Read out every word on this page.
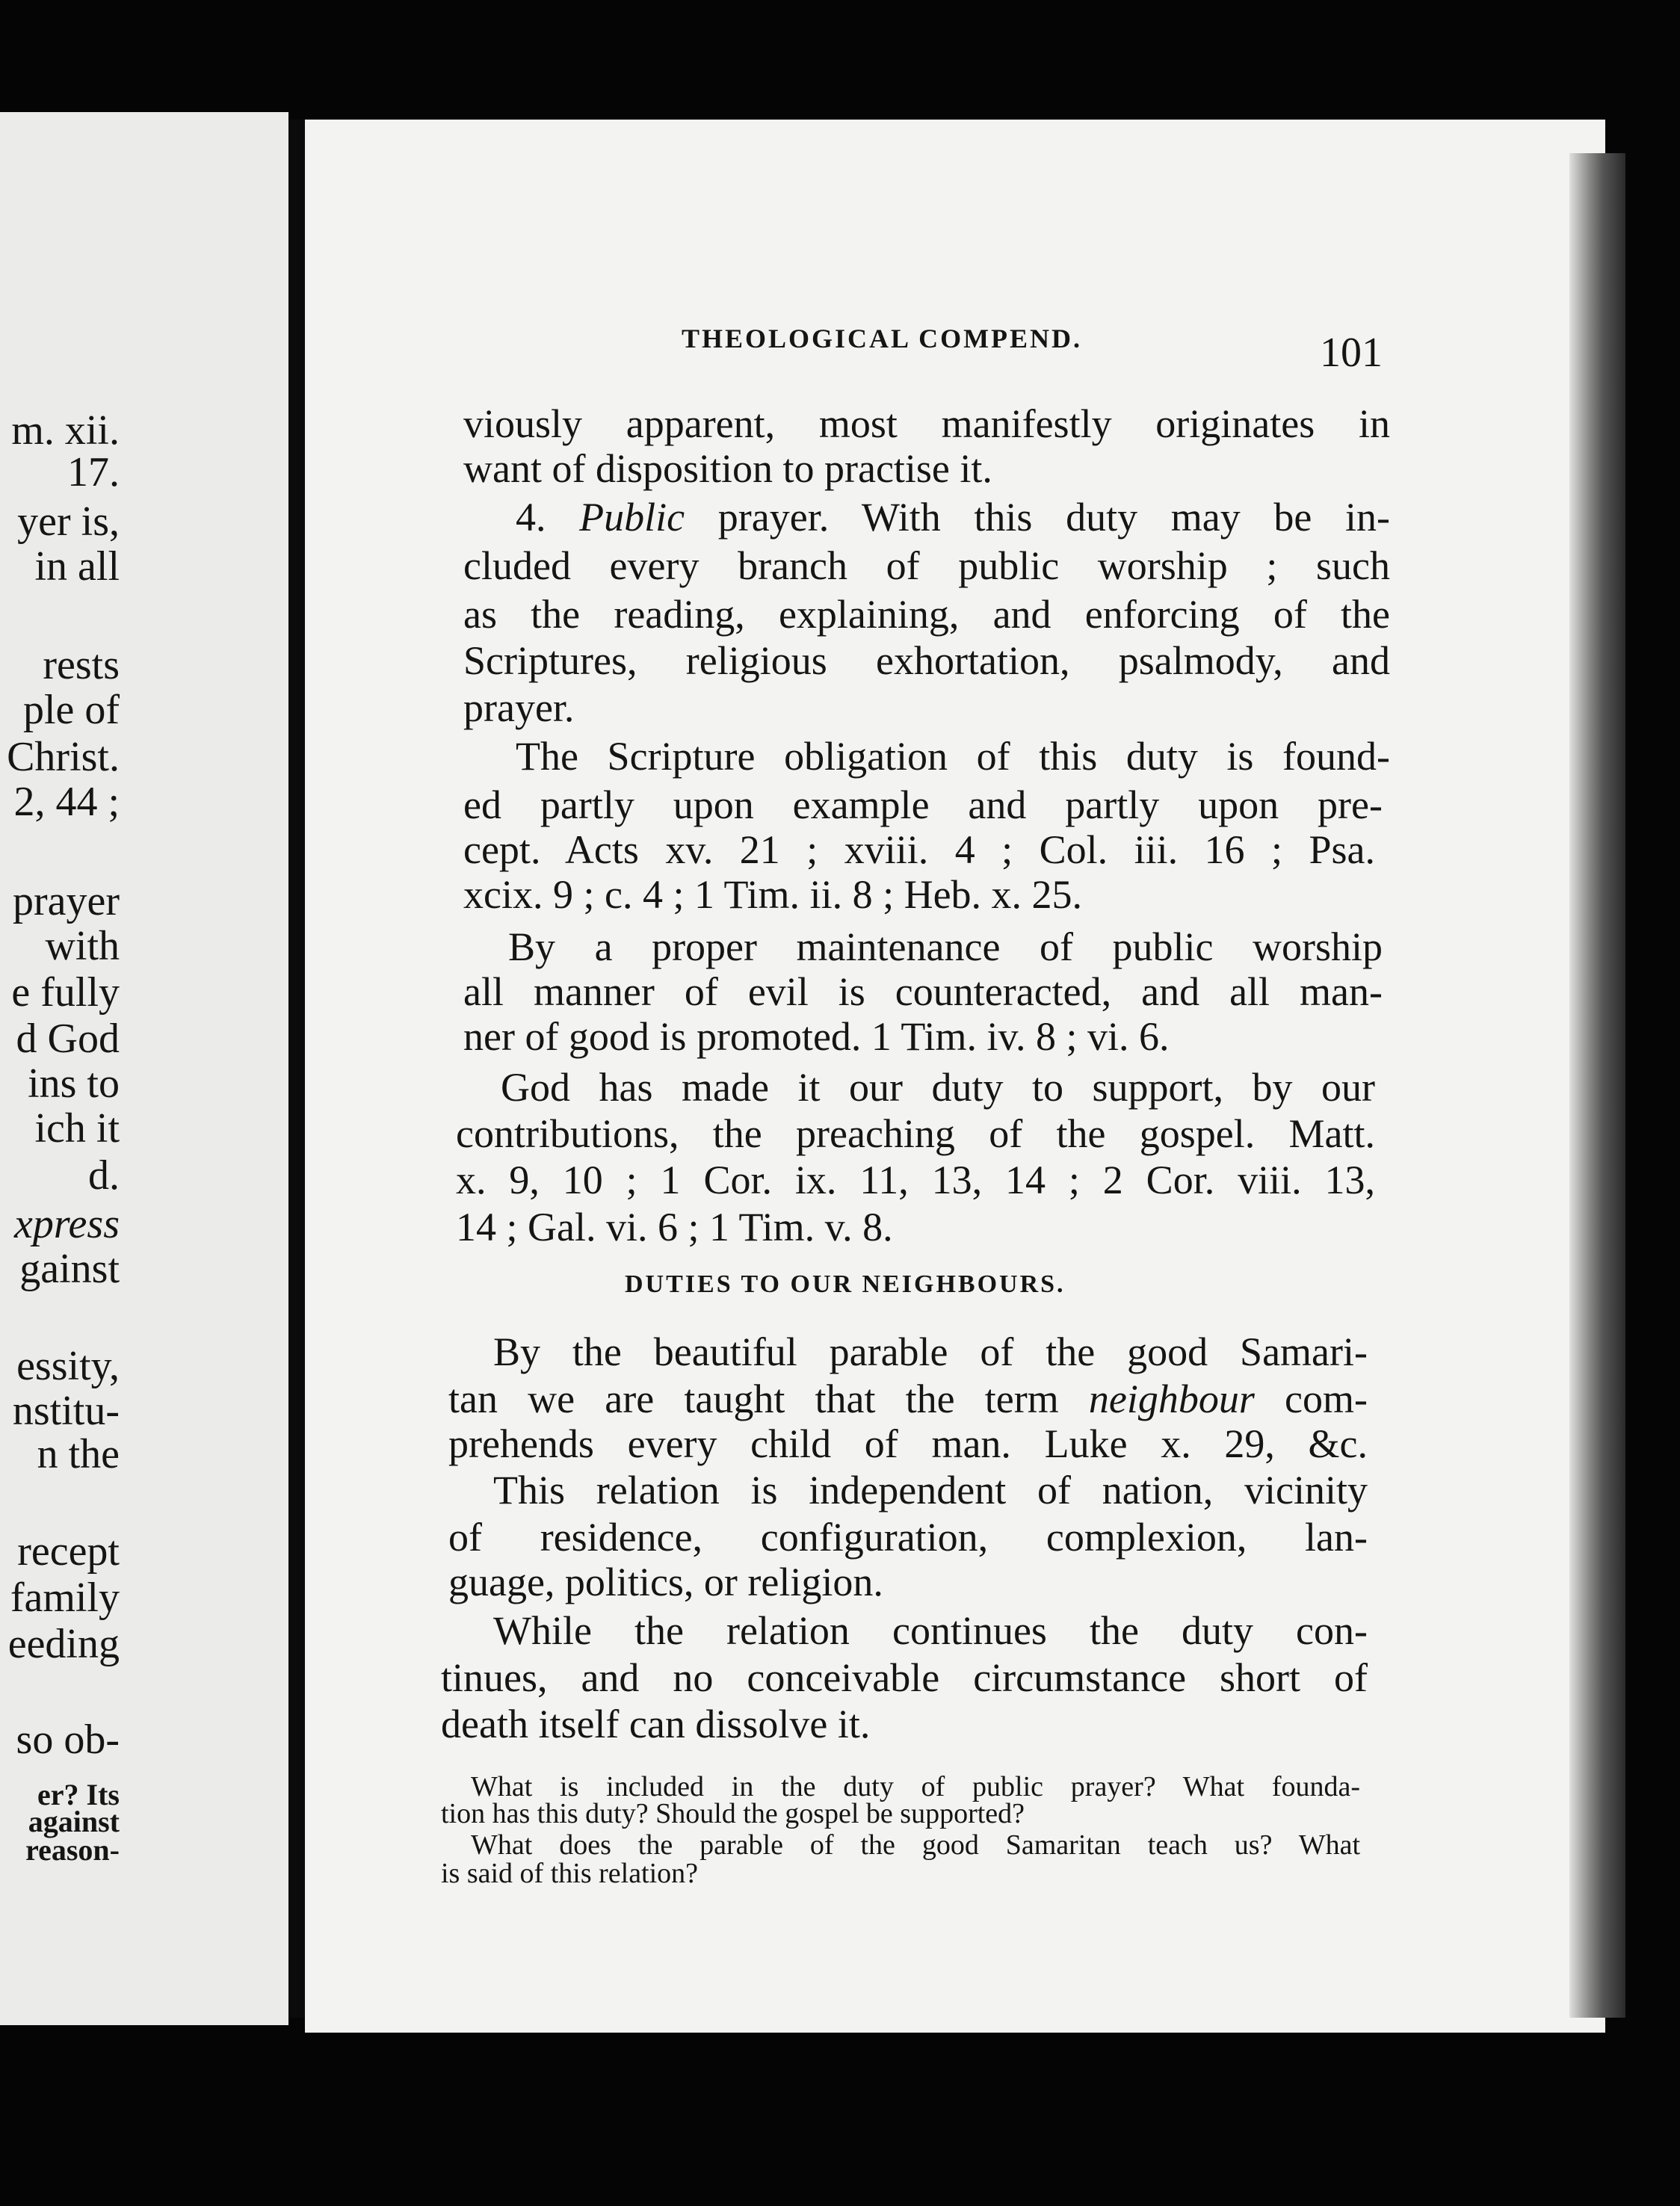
m. xii.
17.
yer is,
in all
rests
ple of
Christ.
2, 44 ;
prayer
with
e fully
d God
ins to
ich it
d.
xpress
gainst
essity,
nstitu-
n the
recept
family
eeding
so ob-
er? Its
against
reason-
THEOLOGICAL COMPEND.	101
viously apparent, most manifestly originates in
want of disposition to practise it.
4. Public prayer. With this duty may be in-
cluded every branch of public worship ; such
as the reading, explaining, and enforcing of the
Scriptures, religious exhortation, psalmody, and
prayer.
The Scripture obligation of this duty is found-
ed partly upon example and partly upon pre-
cept. Acts xv. 21 ; xviii. 4 ; Col. iii. 16 ; Psa.
xcix. 9 ; c. 4 ; 1 Tim. ii. 8 ; Heb. x. 25.
By a proper maintenance of public worship
all manner of evil is counteracted, and all man-
ner of good is promoted. 1 Tim. iv. 8 ; vi. 6.
God has made it our duty to support, by our
contributions, the preaching of the gospel. Matt.
x. 9, 10 ; 1 Cor. ix. 11, 13, 14 ; 2 Cor. viii. 13,
14 ; Gal. vi. 6 ; 1 Tim. v. 8.
DUTIES TO OUR NEIGHBOURS.
By the beautiful parable of the good Samari-
tan we are taught that the term neighbour com-
prehends every child of man. Luke x. 29, &c.
This relation is independent of nation, vicinity
of residence, configuration, complexion, lan-
guage, politics, or religion.
While the relation continues the duty con-
tinues, and no conceivable circumstance short of
death itself can dissolve it.
What is included in the duty of public prayer? What founda-
tion has this duty? Should the gospel be supported?
What does the parable of the good Samaritan teach us? What
is said of this relation?
